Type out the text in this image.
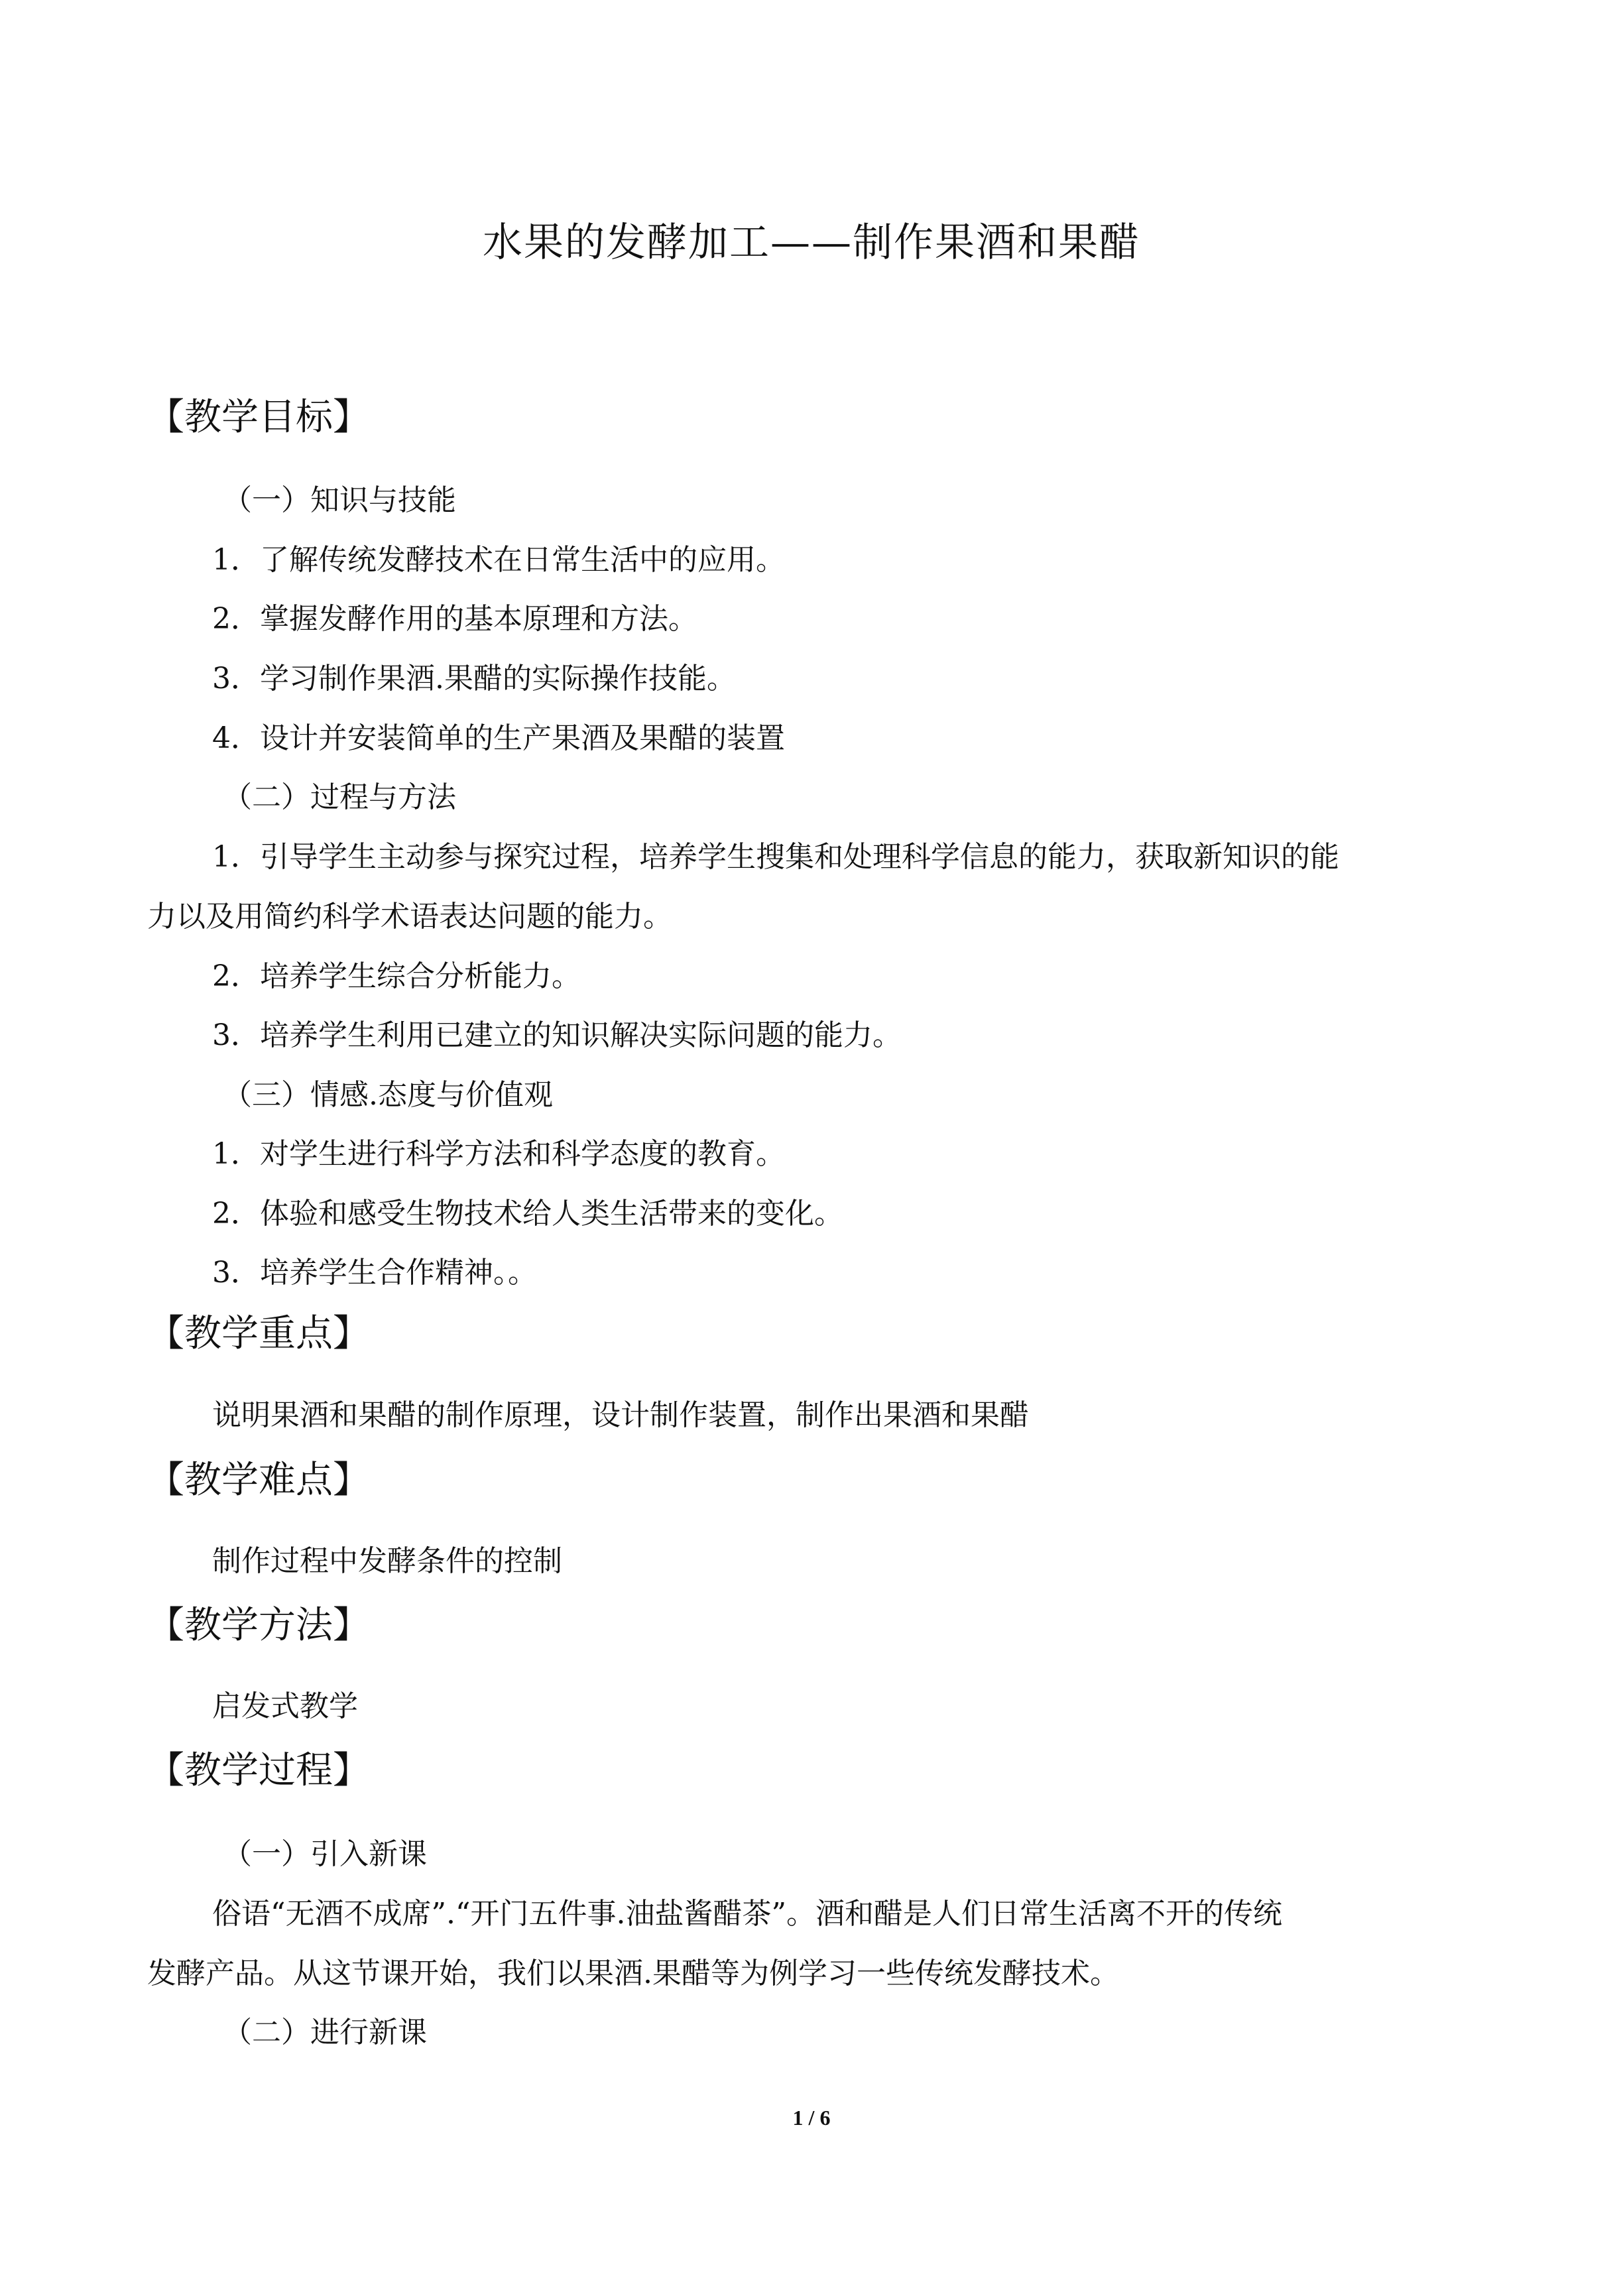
水果的发酵加工——制作果酒和果醋
【教学目标】
（一）知识与技能
1．了解传统发酵技术在日常生活中的应用。
2．掌握发酵作用的基本原理和方法。
3．学习制作果酒.果醋的实际操作技能。
4．设计并安装简单的生产果酒及果醋的装置
（二）过程与方法
1．引导学生主动参与探究过程，培养学生搜集和处理科学信息的能力，获取新知识的能
力以及用简约科学术语表达问题的能力。
2．培养学生综合分析能力。
3．培养学生利用已建立的知识解决实际问题的能力。
（三）情感.态度与价值观
1．对学生进行科学方法和科学态度的教育。
2．体验和感受生物技术给人类生活带来的变化。
3．培养学生合作精神。。
【教学重点】
说明果酒和果醋的制作原理，设计制作装置，制作出果酒和果醋
【教学难点】
制作过程中发酵条件的控制
【教学方法】
启发式教学
【教学过程】
（一）引入新课
俗语“无酒不成席”.“开门五件事.油盐酱醋茶”。酒和醋是人们日常生活离不开的传统
发酵产品。从这节课开始，我们以果酒.果醋等为例学习一些传统发酵技术。
（二）进行新课
1 / 6
